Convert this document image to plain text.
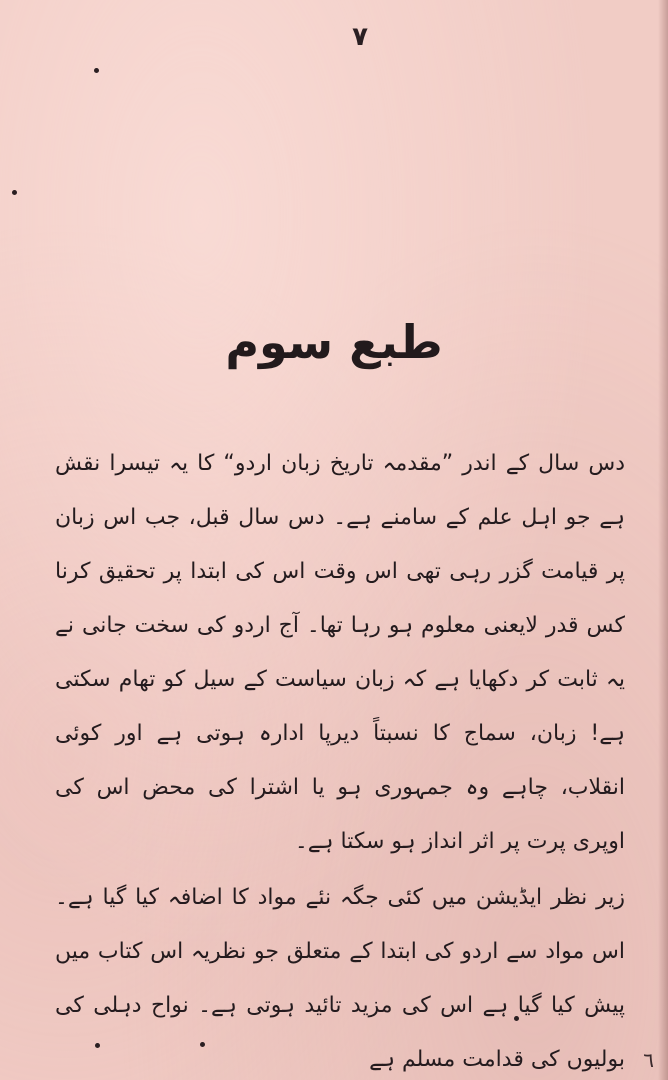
٧
طبع سوم

دس سال کے اندر ”مقدمہ تاریخ زبان اردو“ کا یہ تیسرا نقش ہے جو اہل علم کے سامنے ہے۔ دس سال قبل، جب اس زبان پر قیامت گزر رہی تھی اس وقت اس کی ابتدا پر تحقیق کرنا کس قدر لایعنی معلوم ہو رہا تھا۔ آج اردو کی سخت جانی نے یہ ثابت کر دکھایا ہے کہ زبان سیاست کے سیل کو تھام سکتی ہے! زبان، سماج کا نسبتاً دیرپا ادارہ ہوتی ہے اور کوئی انقلاب، چاہے وہ جمہوری ہو یا اشترا کی محض اس کی اوپری پرت پر اثر انداز ہو سکتا ہے۔

زیر نظر ایڈیشن میں کئی جگہ نئے مواد کا اضافہ کیا گیا ہے۔ اس مواد سے اردو کی ابتدا کے متعلق جو نظریہ اس کتاب میں پیش کیا گیا ہے اس کی مزید تائید ہوتی ہے۔ نواح دہلی کی بولیوں کی قدامت مسلم ہے ٦
